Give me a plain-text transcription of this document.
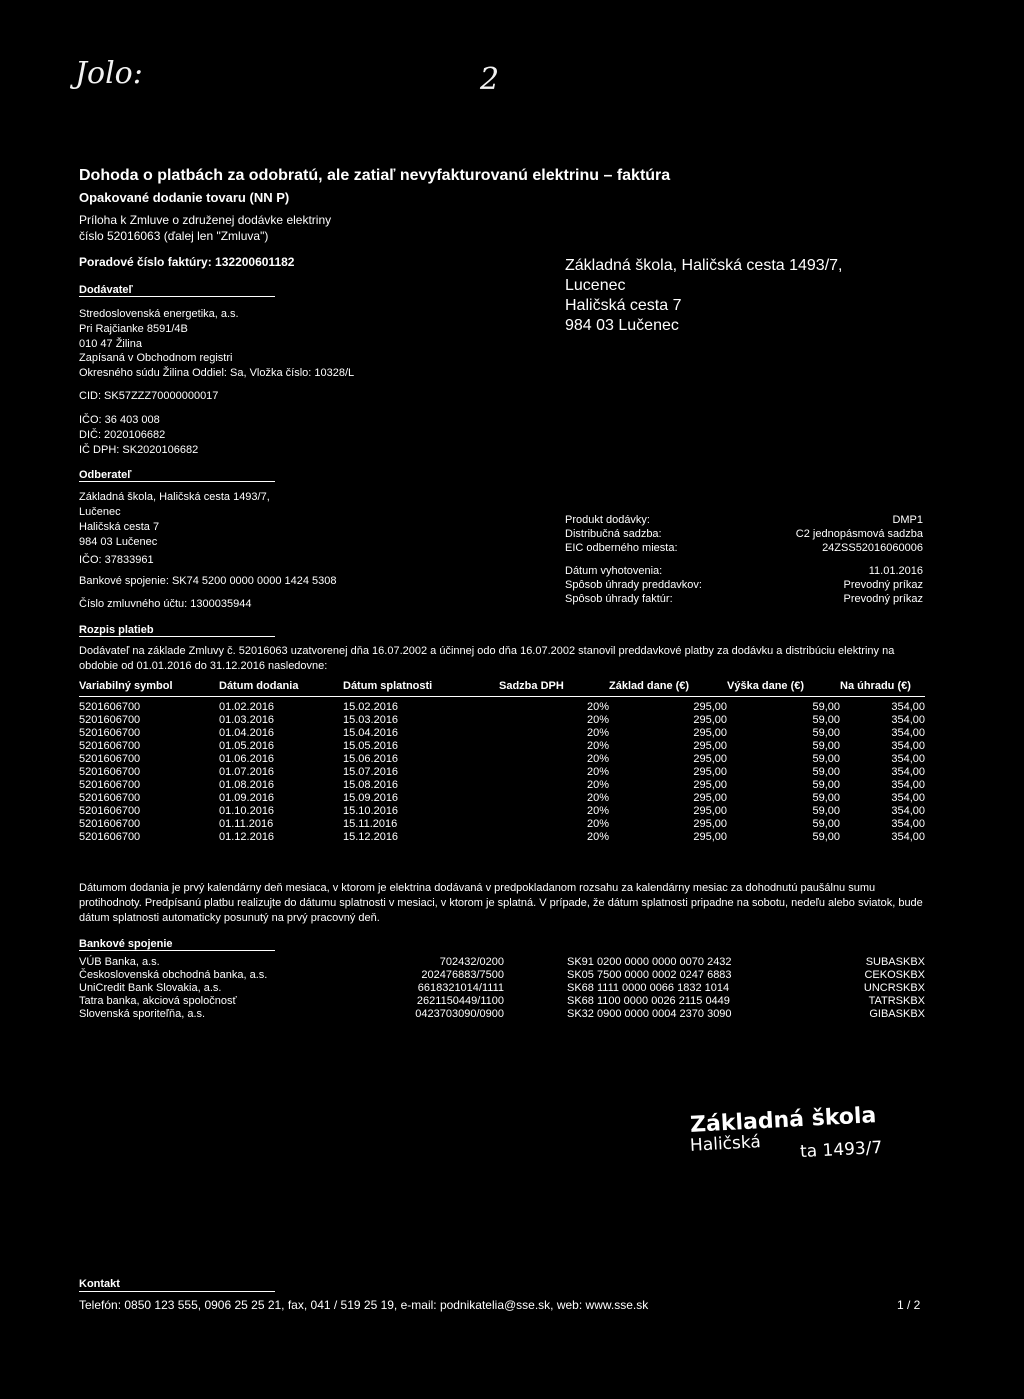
Jolo:	2
Dohoda o platbách za odobratú, ale zatiaľ nevyfakturovanú elektrinu – faktúra
Opakované dodanie tovaru (NN P)
Príloha k Zmluve o združenej dodávke elektriny
číslo 52016063 (ďalej len "Zmluva")
Poradové číslo faktúry: 132200601182	Základná škola, Haličská cesta 1493/7,
Lucenec
Haličská cesta 7
984 03 Lučenec
Dodávateľ
Stredoslovenská energetika, a.s.
Pri Rajčianke 8591/4B
010 47 Žilina
Zapísaná v Obchodnom registri
Okresného súdu Žilina Oddiel: Sa, Vložka číslo: 10328/L
CID: SK57ZZZ70000000017
IČO: 36 403 008
DIČ: 2020106682
IČ DPH: SK2020106682
Odberateľ
Základná škola, Haličská cesta 1493/7,
Lučenec
Haličská cesta 7
984 03 Lučenec
IČO: 37833961
Bankové spojenie: SK74 5200 0000 0000 1424 5308
Číslo zmluvného účtu: 1300035944
Produkt dodávky:	DMP1
Distribučná sadzba:	C2 jednopásmová sadzba
EIC odberného miesta:	24ZSS52016060006
Dátum vyhotovenia:	11.01.2016
Spôsob úhrady preddavkov:	Prevodný príkaz
Spôsob úhrady faktúr:	Prevodný príkaz
Rozpis platieb
Dodávateľ na základe Zmluvy č. 52016063 uzatvorenej dňa 16.07.2002 a účinnej odo dňa 16.07.2002 stanovil preddavkové platby za dodávku a distribúciu elektriny na obdobie od 01.01.2016 do 31.12.2016 nasledovne:
Variabilný symbol	Dátum dodania	Dátum splatnosti	Sadzba DPH	Základ dane (€)	Výška dane (€)	Na úhradu (€)

5201606700	01.02.2016	15.02.2016	20%	295,00	59,00	354,00
5201606700	01.03.2016	15.03.2016	20%	295,00	59,00	354,00
5201606700	01.04.2016	15.04.2016	20%	295,00	59,00	354,00
5201606700	01.05.2016	15.05.2016	20%	295,00	59,00	354,00
5201606700	01.06.2016	15.06.2016	20%	295,00	59,00	354,00
5201606700	01.07.2016	15.07.2016	20%	295,00	59,00	354,00
5201606700	01.08.2016	15.08.2016	20%	295,00	59,00	354,00
5201606700	01.09.2016	15.09.2016	20%	295,00	59,00	354,00
5201606700	01.10.2016	15.10.2016	20%	295,00	59,00	354,00
5201606700	01.11.2016	15.11.2016	20%	295,00	59,00	354,00
5201606700	01.12.2016	15.12.2016	20%	295,00	59,00	354,00
Dátumom dodania je prvý kalendárny deň mesiaca, v ktorom je elektrina dodávaná v predpokladanom rozsahu za kalendárny mesiac za dohodnutú paušálnu sumu protihodnoty. Predpísanú platbu realizujte do dátumu splatnosti v mesiaci, v ktorom je splatná. V prípade, že dátum splatnosti pripadne na sobotu, nedeľu alebo sviatok, bude dátum splatnosti automaticky posunutý na prvý pracovný deň.
Bankové spojenie
VÚB Banka, a.s.	702432/0200	SK91 0200 0000 0000 0070 2432	SUBASKBX
Československá obchodná banka, a.s.	202476883/7500	SK05 7500 0000 0002 0247 6883	CEKOSKBX
UniCredit Bank Slovakia, a.s.	6618321014/1111	SK68 1111 0000 0066 1832 1014	UNCRSKBX
Tatra banka, akciová spoločnosť	2621150449/1100	SK68 1100 0000 0026 2115 0449	TATRSKBX
Slovenská sporiteľňa, a.s.	0423703090/0900	SK32 0900 0000 0004 2370 3090	GIBASKBX
Základná škola
Haličská ta 1493/7
Kontakt
Telefón: 0850 123 555, 0906 25 25 21, fax, 041 / 519 25 19, e-mail: podnikatelia@sse.sk, web: www.sse.sk	1 / 2
